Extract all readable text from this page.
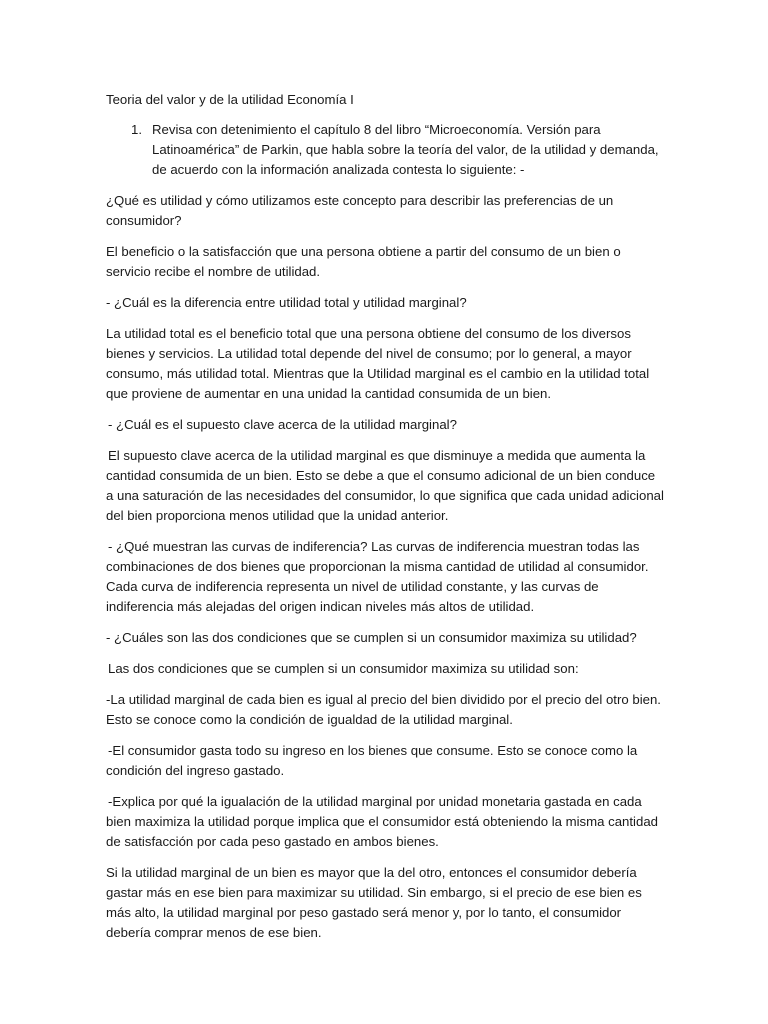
Teoria del valor y de la utilidad Economía I

1. Revisa con detenimiento el capítulo 8 del libro “Microeconomía. Versión para Latinoamérica” de Parkin, que habla sobre la teoría del valor, de la utilidad y demanda, de acuerdo con la información analizada contesta lo siguiente: -

¿Qué es utilidad y cómo utilizamos este concepto para describir las preferencias de un consumidor?

El beneficio o la satisfacción que una persona obtiene a partir del consumo de un bien o servicio recibe el nombre de utilidad.

- ¿Cuál es la diferencia entre utilidad total y utilidad marginal?

La utilidad total es el beneficio total que una persona obtiene del consumo de los diversos bienes y servicios. La utilidad total depende del nivel de consumo; por lo general, a mayor consumo, más utilidad total. Mientras que la Utilidad marginal es el cambio en la utilidad total que proviene de aumentar en una unidad la cantidad consumida de un bien.

- ¿Cuál es el supuesto clave acerca de la utilidad marginal?

El supuesto clave acerca de la utilidad marginal es que disminuye a medida que aumenta la cantidad consumida de un bien. Esto se debe a que el consumo adicional de un bien conduce a una saturación de las necesidades del consumidor, lo que significa que cada unidad adicional del bien proporciona menos utilidad que la unidad anterior.

- ¿Qué muestran las curvas de indiferencia? Las curvas de indiferencia muestran todas las combinaciones de dos bienes que proporcionan la misma cantidad de utilidad al consumidor. Cada curva de indiferencia representa un nivel de utilidad constante, y las curvas de indiferencia más alejadas del origen indican niveles más altos de utilidad.

- ¿Cuáles son las dos condiciones que se cumplen si un consumidor maximiza su utilidad?

Las dos condiciones que se cumplen si un consumidor maximiza su utilidad son:

-La utilidad marginal de cada bien es igual al precio del bien dividido por el precio del otro bien. Esto se conoce como la condición de igualdad de la utilidad marginal.

-El consumidor gasta todo su ingreso en los bienes que consume. Esto se conoce como la condición del ingreso gastado.

-Explica por qué la igualación de la utilidad marginal por unidad monetaria gastada en cada bien maximiza la utilidad porque implica que el consumidor está obteniendo la misma cantidad de satisfacción por cada peso gastado en ambos bienes.

Si la utilidad marginal de un bien es mayor que la del otro, entonces el consumidor debería gastar más en ese bien para maximizar su utilidad. Sin embargo, si el precio de ese bien es más alto, la utilidad marginal por peso gastado será menor y, por lo tanto, el consumidor debería comprar menos de ese bien.
